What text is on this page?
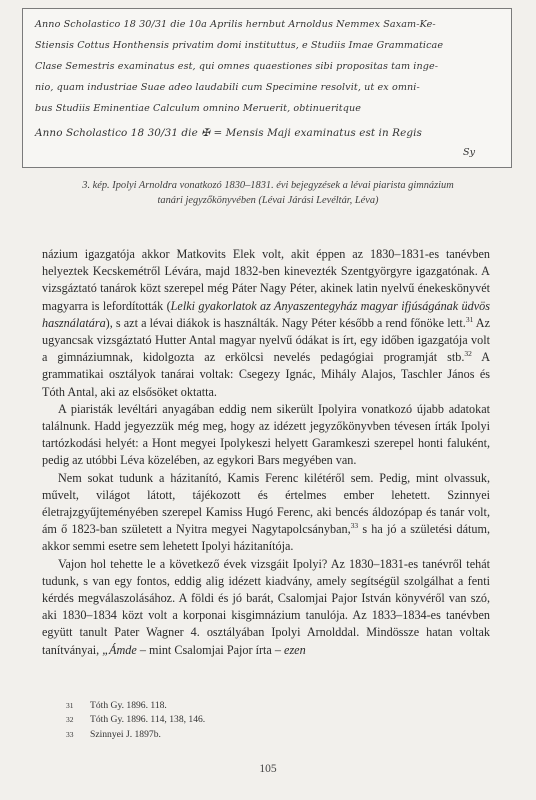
Anno Scholastico 18 30/31 die 10a Aprilis hernbut Arnoldus Nemmex Saxam-Ke-
Stiensis Cottus Honthensis privatim domi instituttus, e Studiis Imae Grammaticae
Clase Semestris examinatus est, qui omnes quaestiones sibi propositas tam inge-
nio, quam industriae Suae adeo laudabili cum Specimine resolvit, ut ex omni-
bus Studiis Eminentiae Calculum omnino Meruerit, obtinueritque
Anno Scholastico 18 30/31 die ✠ = Mensis Maji examinatus est in Regis
Sy
3. kép. Ipolyi Arnoldra vonatkozó 1830–1831. évi bejegyzések a lévai piarista gimnázium
tanári jegyzőkönyvében (Lévai Járási Levéltár, Léva)

názium igazgatója akkor Matkovits Elek volt, akit éppen az 1830–1831-es tanévben helyeztek Kecskemétről Lévára, majd 1832-ben kinevezték Szentgyörgyre igazgatónak. A vizsgáztató tanárok közt szerepel még Páter Nagy Péter, akinek latin nyelvű énekeskönyvét magyarra is lefordították (Lelki gyakorlatok az Anyaszentegyház magyar ifjúságának üdvös használatára), s azt a lévai diákok is használták. Nagy Péter később a rend főnöke lett.$^{31}$ Az ugyancsak vizsgáztató Hutter Antal magyar nyelvű ódákat is írt, egy időben igazgatója volt a gimnáziumnak, kidolgozta az erkölcsi nevelés pedagógiai programját stb.$^{32}$ A grammatikai osztályok tanárai voltak: Csegezy Ignác, Mihály Alajos, Taschler János és Tóth Antal, aki az elsősöket oktatta.

A piaristák levéltári anyagában eddig nem sikerült Ipolyira vonatkozó újabb adatokat találnunk. Hadd jegyezzük még meg, hogy az idézett jegyzőkönyvben tévesen írták Ipolyi tartózkodási helyét: a Hont megyei Ipolykeszi helyett Garamkeszi szerepel honti faluként, pedig az utóbbi Léva közelében, az egykori Bars megyében van.

Nem sokat tudunk a házitanító, Kamis Ferenc kilétéről sem. Pedig, mint olvassuk, művelt, világot látott, tájékozott és értelmes ember lehetett. Szinnyei életrajzgyűjteményében szerepel Kamiss Hugó Ferenc, aki bencés áldozópap és tanár volt, ám ő 1823-ban született a Nyitra megyei Nagytapolcsányban,$^{33}$ s ha jó a születési dátum, akkor semmi esetre sem lehetett Ipolyi házitanítója.

Vajon hol tehette le a következő évek vizsgáit Ipolyi? Az 1830–1831-es tanévről tehát tudunk, s van egy fontos, eddig alig idézett kiadvány, amely segítségül szolgálhat a fenti kérdés megválaszolásához. A földi és jó barát, Csalomjai Pajor István könyvéről van szó, aki 1830–1834 közt volt a korponai kisgimnázium tanulója. Az 1833–1834-es tanévben együtt tanult Pater Wagner 4. osztályában Ipolyi Arnolddal. Mindössze hatan voltak tanítványai, „Ámde – mint Csalomjai Pajor írta – ezen

31 Tóth Gy. 1896. 118.
32 Tóth Gy. 1896. 114, 138, 146.
33 Szinnyei J. 1897b.
105
